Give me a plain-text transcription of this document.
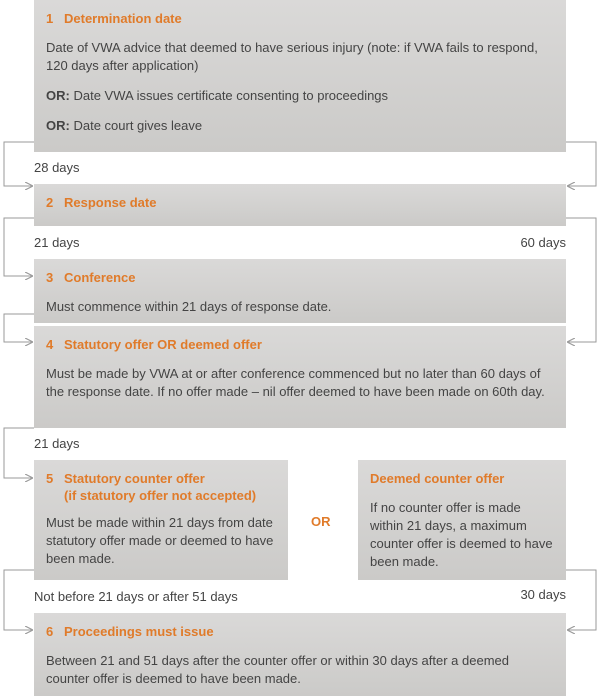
1 Determination date

Date of VWA advice that deemed to have serious injury (note: if VWA fails to respond, 120 days after application)

OR: Date VWA issues certificate consenting to proceedings

OR: Date court gives leave

28 days

2 Response date

21 days	60 days

3 Conference

Must commence within 21 days of response date.

4 Statutory offer OR deemed offer

Must be made by VWA at or after conference commenced but no later than 60 days of the response date. If no offer made – nil offer deemed to have been made on 60th day.

21 days

5 Statutory counter offer

(if statutory offer not accepted)

Must be made within 21 days from date statutory offer made or deemed to have been made.

OR

Deemed counter offer

If no counter offer is made within 21 days, a maximum counter offer is deemed to have been made.

Not before 21 days or after 51 days	30 days

6 Proceedings must issue

Between 21 and 51 days after the counter offer or within 30 days after a deemed counter offer is deemed to have been made.
